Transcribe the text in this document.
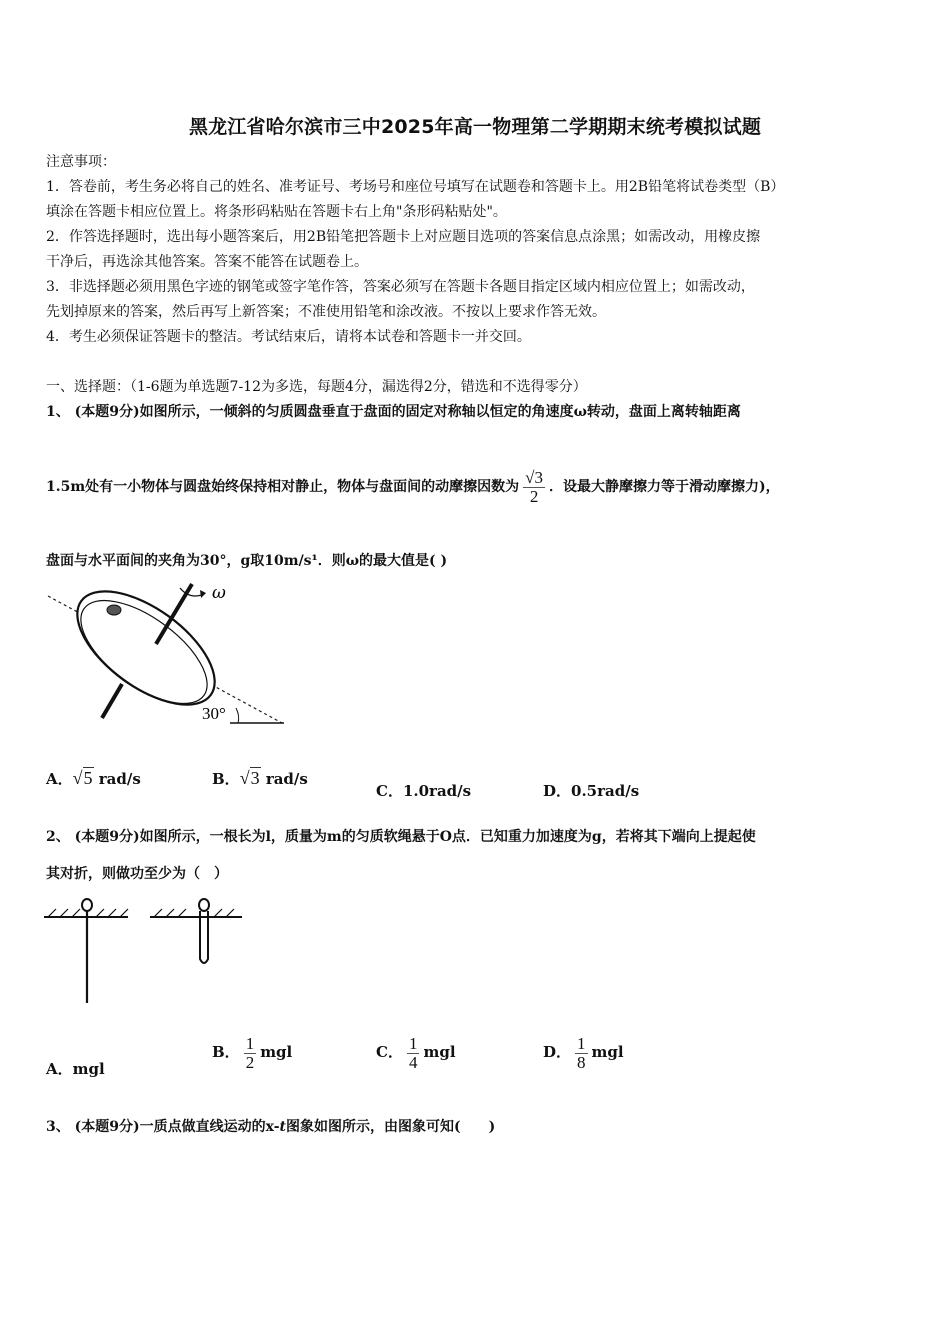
黑龙江省哈尔滨市三中2025年高一物理第二学期期末统考模拟试题
注意事项：
1．答卷前，考生务必将自己的姓名、准考证号、考场号和座位号填写在试题卷和答题卡上。用2B铅笔将试卷类型（B）
填涂在答题卡相应位置上。将条形码粘贴在答题卡右上角"条形码粘贴处"。
2．作答选择题时，选出每小题答案后，用2B铅笔把答题卡上对应题目选项的答案信息点涂黑；如需改动，用橡皮擦
干净后，再选涂其他答案。答案不能答在试题卷上。
3．非选择题必须用黑色字迹的钢笔或签字笔作答，答案必须写在答题卡各题目指定区域内相应位置上；如需改动，
先划掉原来的答案，然后再写上新答案；不准使用铅笔和涂改液。不按以上要求作答无效。
4．考生必须保证答题卡的整洁。考试结束后，请将本试卷和答题卡一并交回。
一、选择题：（1-6题为单选题7-12为多选，每题4分，漏选得2分，错选和不选得零分）
1、 (本题9分)如图所示，一倾斜的匀质圆盘垂直于盘面的固定对称轴以恒定的角速度ω转动，盘面上离转轴距离
1.5m处有一小物体与圆盘始终保持相对静止，物体与盘面间的动摩擦因数为 $\frac{√3}{2}$ ．设最大静摩擦力等于滑动摩擦力)，
盘面与水平面间的夹角为30°，g取10m/s¹．则ω的最大值是( )
ω
30°
A．√5 rad/s	B．√3 rad/s
C．1.0rad/s	D．0.5rad/s
2、 (本题9分)如图所示，一根长为l，质量为m的匀质软绳悬于O点．已知重力加速度为g，若将其下端向上提起使
其对折，则做功至少为（　）
A．mgl
B． $\frac{1}{2}$ mgl	C． $\frac{1}{4}$ mgl	D． $\frac{1}{8}$ mgl
3、 (本题9分)一质点做直线运动的x-t图象如图所示，由图象可知(　　)
